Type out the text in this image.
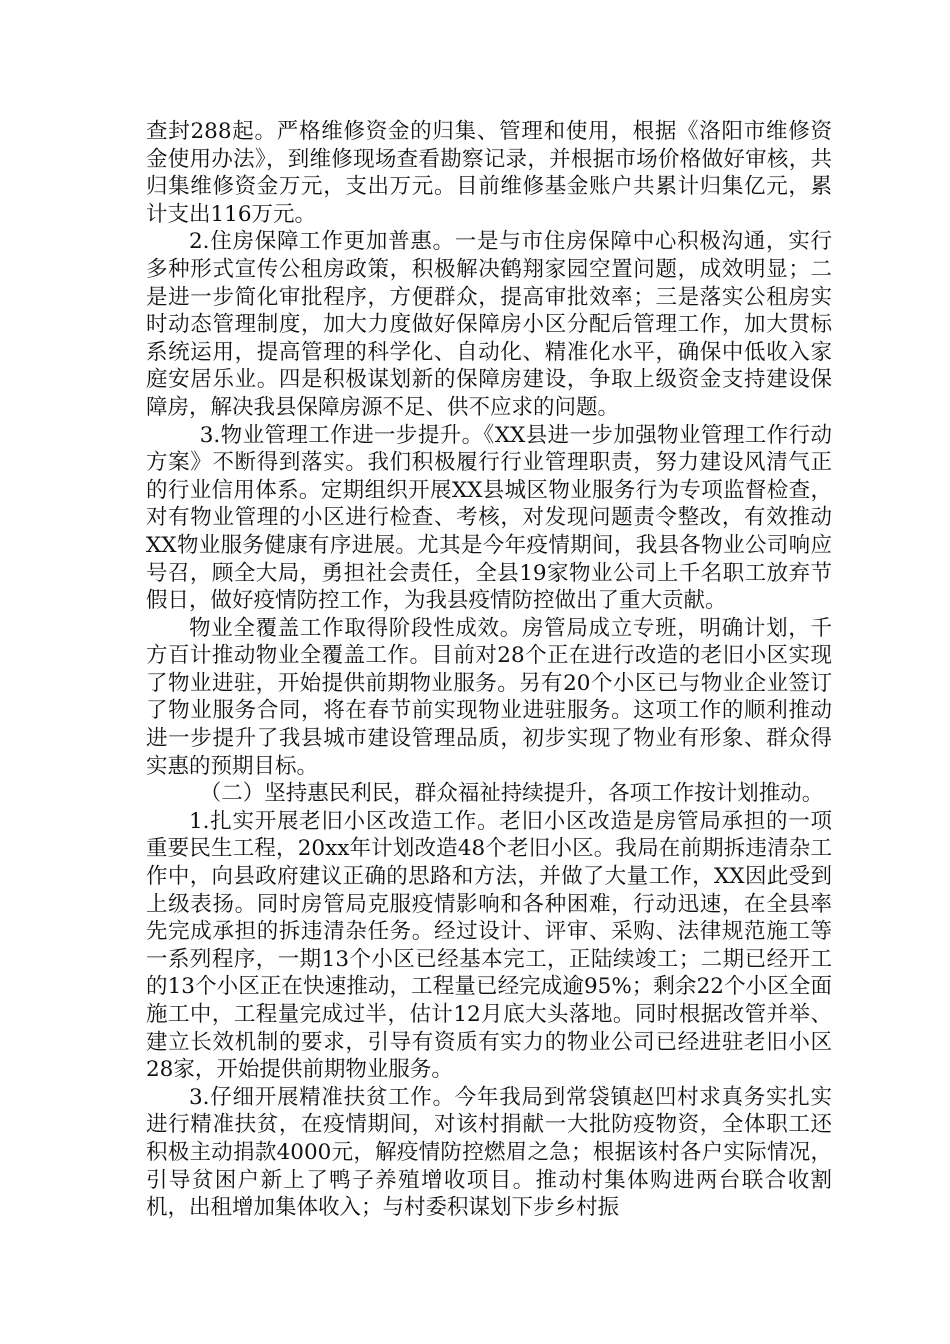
查封288起。严格维修资金的归集、管理和使用，根据《洛阳市维修资金使用办法》，到维修现场查看勘察记录，并根据市场价格做好审核，共归集维修资金万元，支出万元。目前维修基金账户共累计归集亿元，累计支出116万元。

2.住房保障工作更加普惠。一是与市住房保障中心积极沟通，实行多种形式宣传公租房政策，积极解决鹤翔家园空置问题，成效明显；二是进一步简化审批程序，方便群众，提高审批效率；三是落实公租房实时动态管理制度，加大力度做好保障房小区分配后管理工作，加大贯标系统运用，提高管理的科学化、自动化、精准化水平，确保中低收入家庭安居乐业。四是积极谋划新的保障房建设，争取上级资金支持建设保障房，解决我县保障房源不足、供不应求的问题。

3.物业管理工作进一步提升。《XX县进一步加强物业管理工作行动方案》不断得到落实。我们积极履行行业管理职责，努力建设风清气正的行业信用体系。定期组织开展XX县城区物业服务行为专项监督检查，对有物业管理的小区进行检查、考核，对发现问题责令整改，有效推动XX物业服务健康有序进展。尤其是今年疫情期间，我县各物业公司响应号召，顾全大局，勇担社会责任，全县19家物业公司上千名职工放弃节假日，做好疫情防控工作，为我县疫情防控做出了重大贡献。

物业全覆盖工作取得阶段性成效。房管局成立专班，明确计划，千方百计推动物业全覆盖工作。目前对28个正在进行改造的老旧小区实现了物业进驻，开始提供前期物业服务。另有20个小区已与物业企业签订了物业服务合同，将在春节前实现物业进驻服务。这项工作的顺利推动进一步提升了我县城市建设管理品质，初步实现了物业有形象、群众得实惠的预期目标。

（二）坚持惠民利民，群众福祉持续提升，各项工作按计划推动。

1.扎实开展老旧小区改造工作。老旧小区改造是房管局承担的一项重要民生工程，20xx年计划改造48个老旧小区。我局在前期拆违清杂工作中，向县政府建议正确的思路和方法，并做了大量工作，XX因此受到上级表扬。同时房管局克服疫情影响和各种困难，行动迅速，在全县率先完成承担的拆违清杂任务。经过设计、评审、采购、法律规范施工等一系列程序，一期13个小区已经基本完工，正陆续竣工；二期已经开工的13个小区正在快速推动，工程量已经完成逾95%；剩余22个小区全面施工中，工程量完成过半，估计12月底大头落地。同时根据改管并举、建立长效机制的要求，引导有资质有实力的物业公司已经进驻老旧小区28家，开始提供前期物业服务。

3.仔细开展精准扶贫工作。今年我局到常袋镇赵凹村求真务实扎实进行精准扶贫，在疫情期间，对该村捐献一大批防疫物资，全体职工还积极主动捐款4000元，解疫情防控燃眉之急；根据该村各户实际情况，引导贫困户新上了鸭子养殖增收项目。推动村集体购进两台联合收割机，出租增加集体收入；与村委积谋划下步乡村振
